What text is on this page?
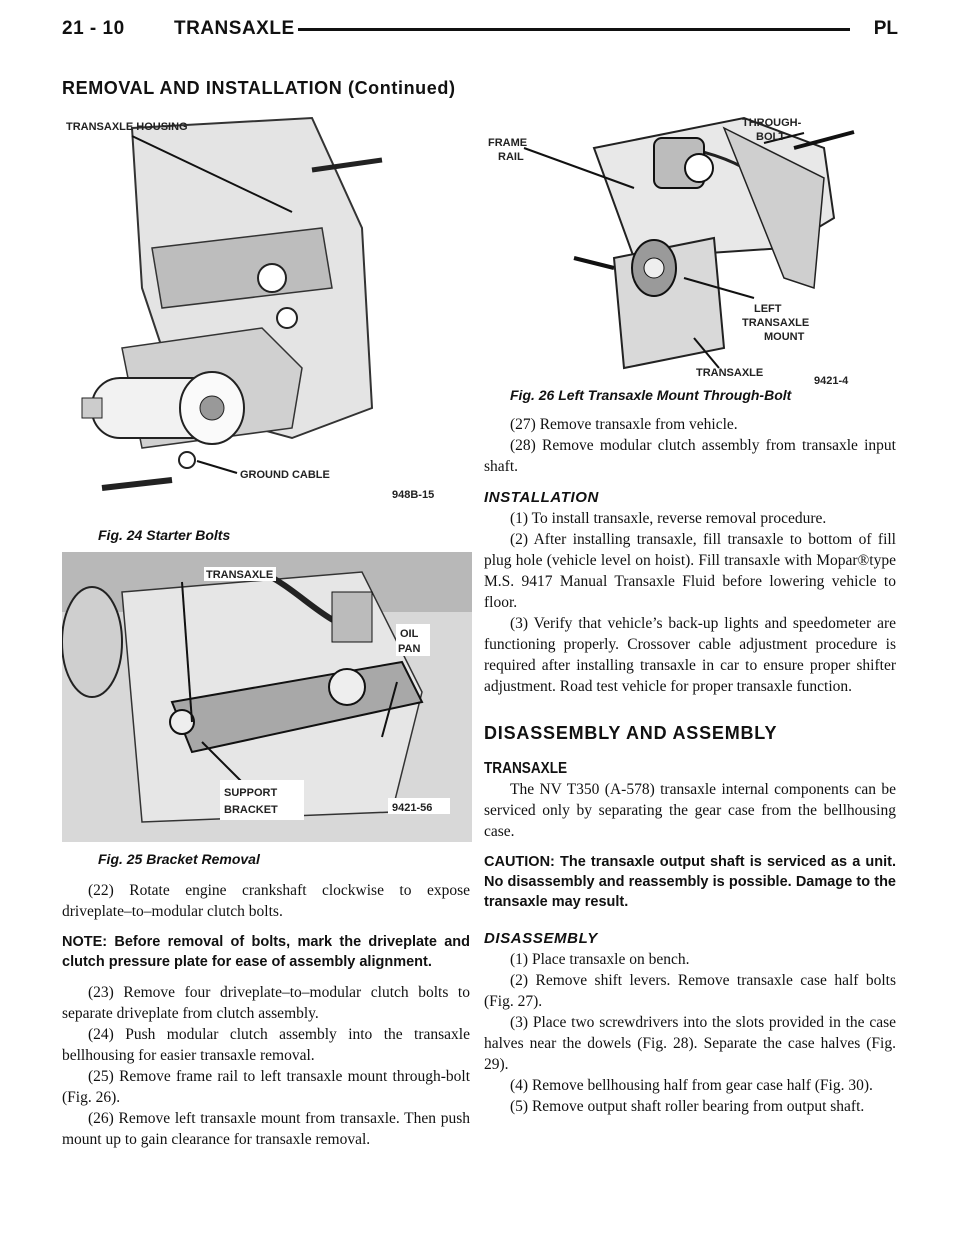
21 - 10	TRANSAXLE	PL
REMOVAL AND INSTALLATION (Continued)
TRANSAXLE HOUSING
GROUND CABLE
948B-15
Fig. 24 Starter Bolts
TRANSAXLE
OIL
PAN
SUPPORT
BRACKET	9421-56
Fig. 25 Bracket Removal

(22) Rotate engine crankshaft clockwise to expose driveplate–to–modular clutch bolts.

NOTE: Before removal of bolts, mark the driveplate and clutch pressure plate for ease of assembly alignment.

(23) Remove four driveplate–to–modular clutch bolts to separate driveplate from clutch assembly.

(24) Push modular clutch assembly into the transaxle bellhousing for easier transaxle removal.

(25) Remove frame rail to left transaxle mount through-bolt (Fig. 26).

(26) Remove left transaxle mount from transaxle. Then push mount up to gain clearance for transaxle removal.

FRAME
RAIL
THROUGH-
BOLT
LEFT
TRANSAXLE
MOUNT
TRANSAXLE
9421-4
Fig. 26 Left Transaxle Mount Through-Bolt

(27) Remove transaxle from vehicle.

(28) Remove modular clutch assembly from transaxle input shaft.

INSTALLATION

(1) To install transaxle, reverse removal procedure.

(2) After installing transaxle, fill transaxle to bottom of fill plug hole (vehicle level on hoist). Fill transaxle with Mopar®type M.S. 9417 Manual Transaxle Fluid before lowering vehicle to floor.

(3) Verify that vehicle’s back-up lights and speedometer are functioning properly. Crossover cable adjustment procedure is required after installing transaxle in car to ensure proper shifter adjustment. Road test vehicle for proper transaxle function.

DISASSEMBLY AND ASSEMBLY
TRANSAXLE

The NV T350 (A-578) transaxle internal components can be serviced only by separating the gear case from the bellhousing case.

CAUTION: The transaxle output shaft is serviced as a unit. No disassembly and reassembly is possible. Damage to the transaxle may result.

DISASSEMBLY

(1) Place transaxle on bench.

(2) Remove shift levers. Remove transaxle case half bolts (Fig. 27).

(3) Place two screwdrivers into the slots provided in the case halves near the dowels (Fig. 28). Separate the case halves (Fig. 29).

(4) Remove bellhousing half from gear case half (Fig. 30).

(5) Remove output shaft roller bearing from output shaft.
